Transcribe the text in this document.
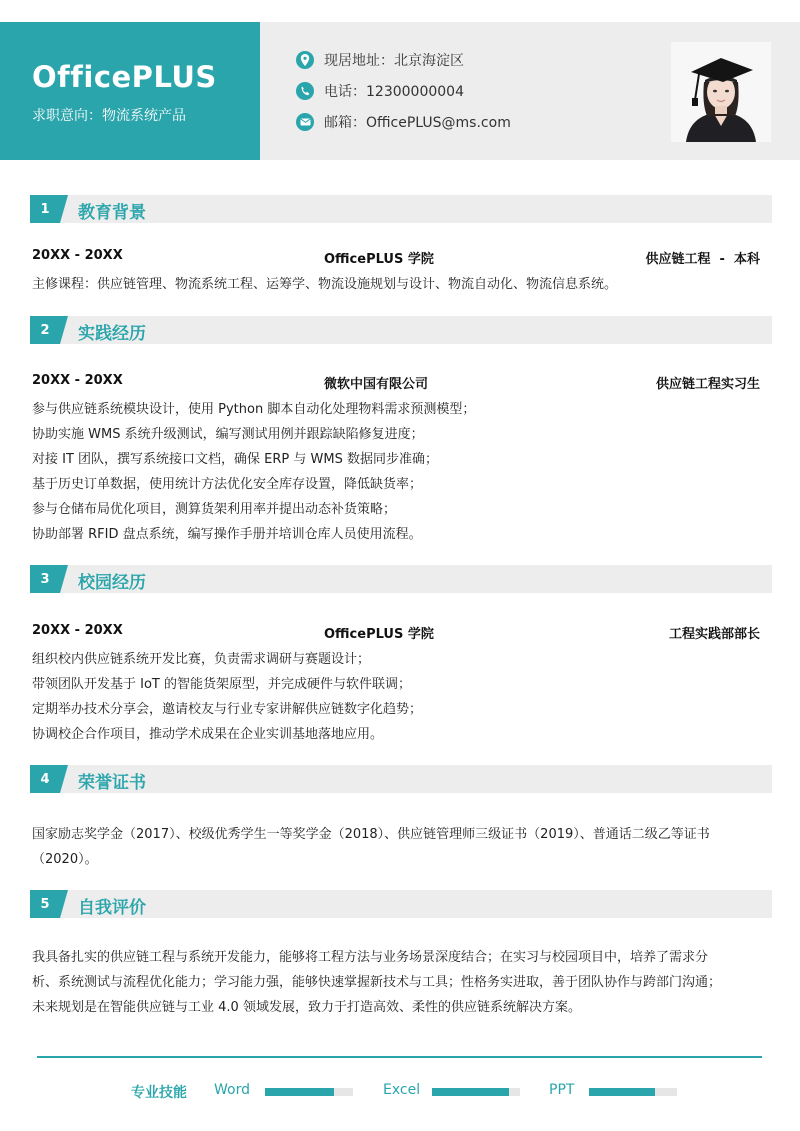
OfficePLUS
求职意向：物流系统产品
现居地址：北京海淀区
电话：12300000004
邮箱：OfficePLUS@ms.com
1	教育背景
20XX - 20XX	OfficePLUS 学院	供应链工程  -  本科
主修课程：供应链管理、物流系统工程、运筹学、物流设施规划与设计、物流自动化、物流信息系统。
2	实践经历
20XX - 20XX	微软中国有限公司	供应链工程实习生
参与供应链系统模块设计，使用 Python 脚本自动化处理物料需求预测模型；
协助实施 WMS 系统升级测试，编写测试用例并跟踪缺陷修复进度；
对接 IT 团队，撰写系统接口文档，确保 ERP 与 WMS 数据同步准确；
基于历史订单数据，使用统计方法优化安全库存设置，降低缺货率；
参与仓储布局优化项目，测算货架利用率并提出动态补货策略；
协助部署 RFID 盘点系统，编写操作手册并培训仓库人员使用流程。
3	校园经历
20XX - 20XX	OfficePLUS 学院	工程实践部部长
组织校内供应链系统开发比赛，负责需求调研与赛题设计；
带领团队开发基于 IoT 的智能货架原型，并完成硬件与软件联调；
定期举办技术分享会，邀请校友与行业专家讲解供应链数字化趋势；
协调校企合作项目，推动学术成果在企业实训基地落地应用。
4	荣誉证书
国家励志奖学金（2017）、校级优秀学生一等奖学金（2018）、供应链管理师三级证书（2019）、普通话二级乙等证书
（2020）。
5	自我评价
我具备扎实的供应链工程与系统开发能力，能够将工程方法与业务场景深度结合；在实习与校园项目中，培养了需求分
析、系统测试与流程优化能力；学习能力强，能够快速掌握新技术与工具；性格务实进取，善于团队协作与跨部门沟通；
未来规划是在智能供应链与工业 4.0 领域发展，致力于打造高效、柔性的供应链系统解决方案。
专业技能 Word	Excel	PPT
